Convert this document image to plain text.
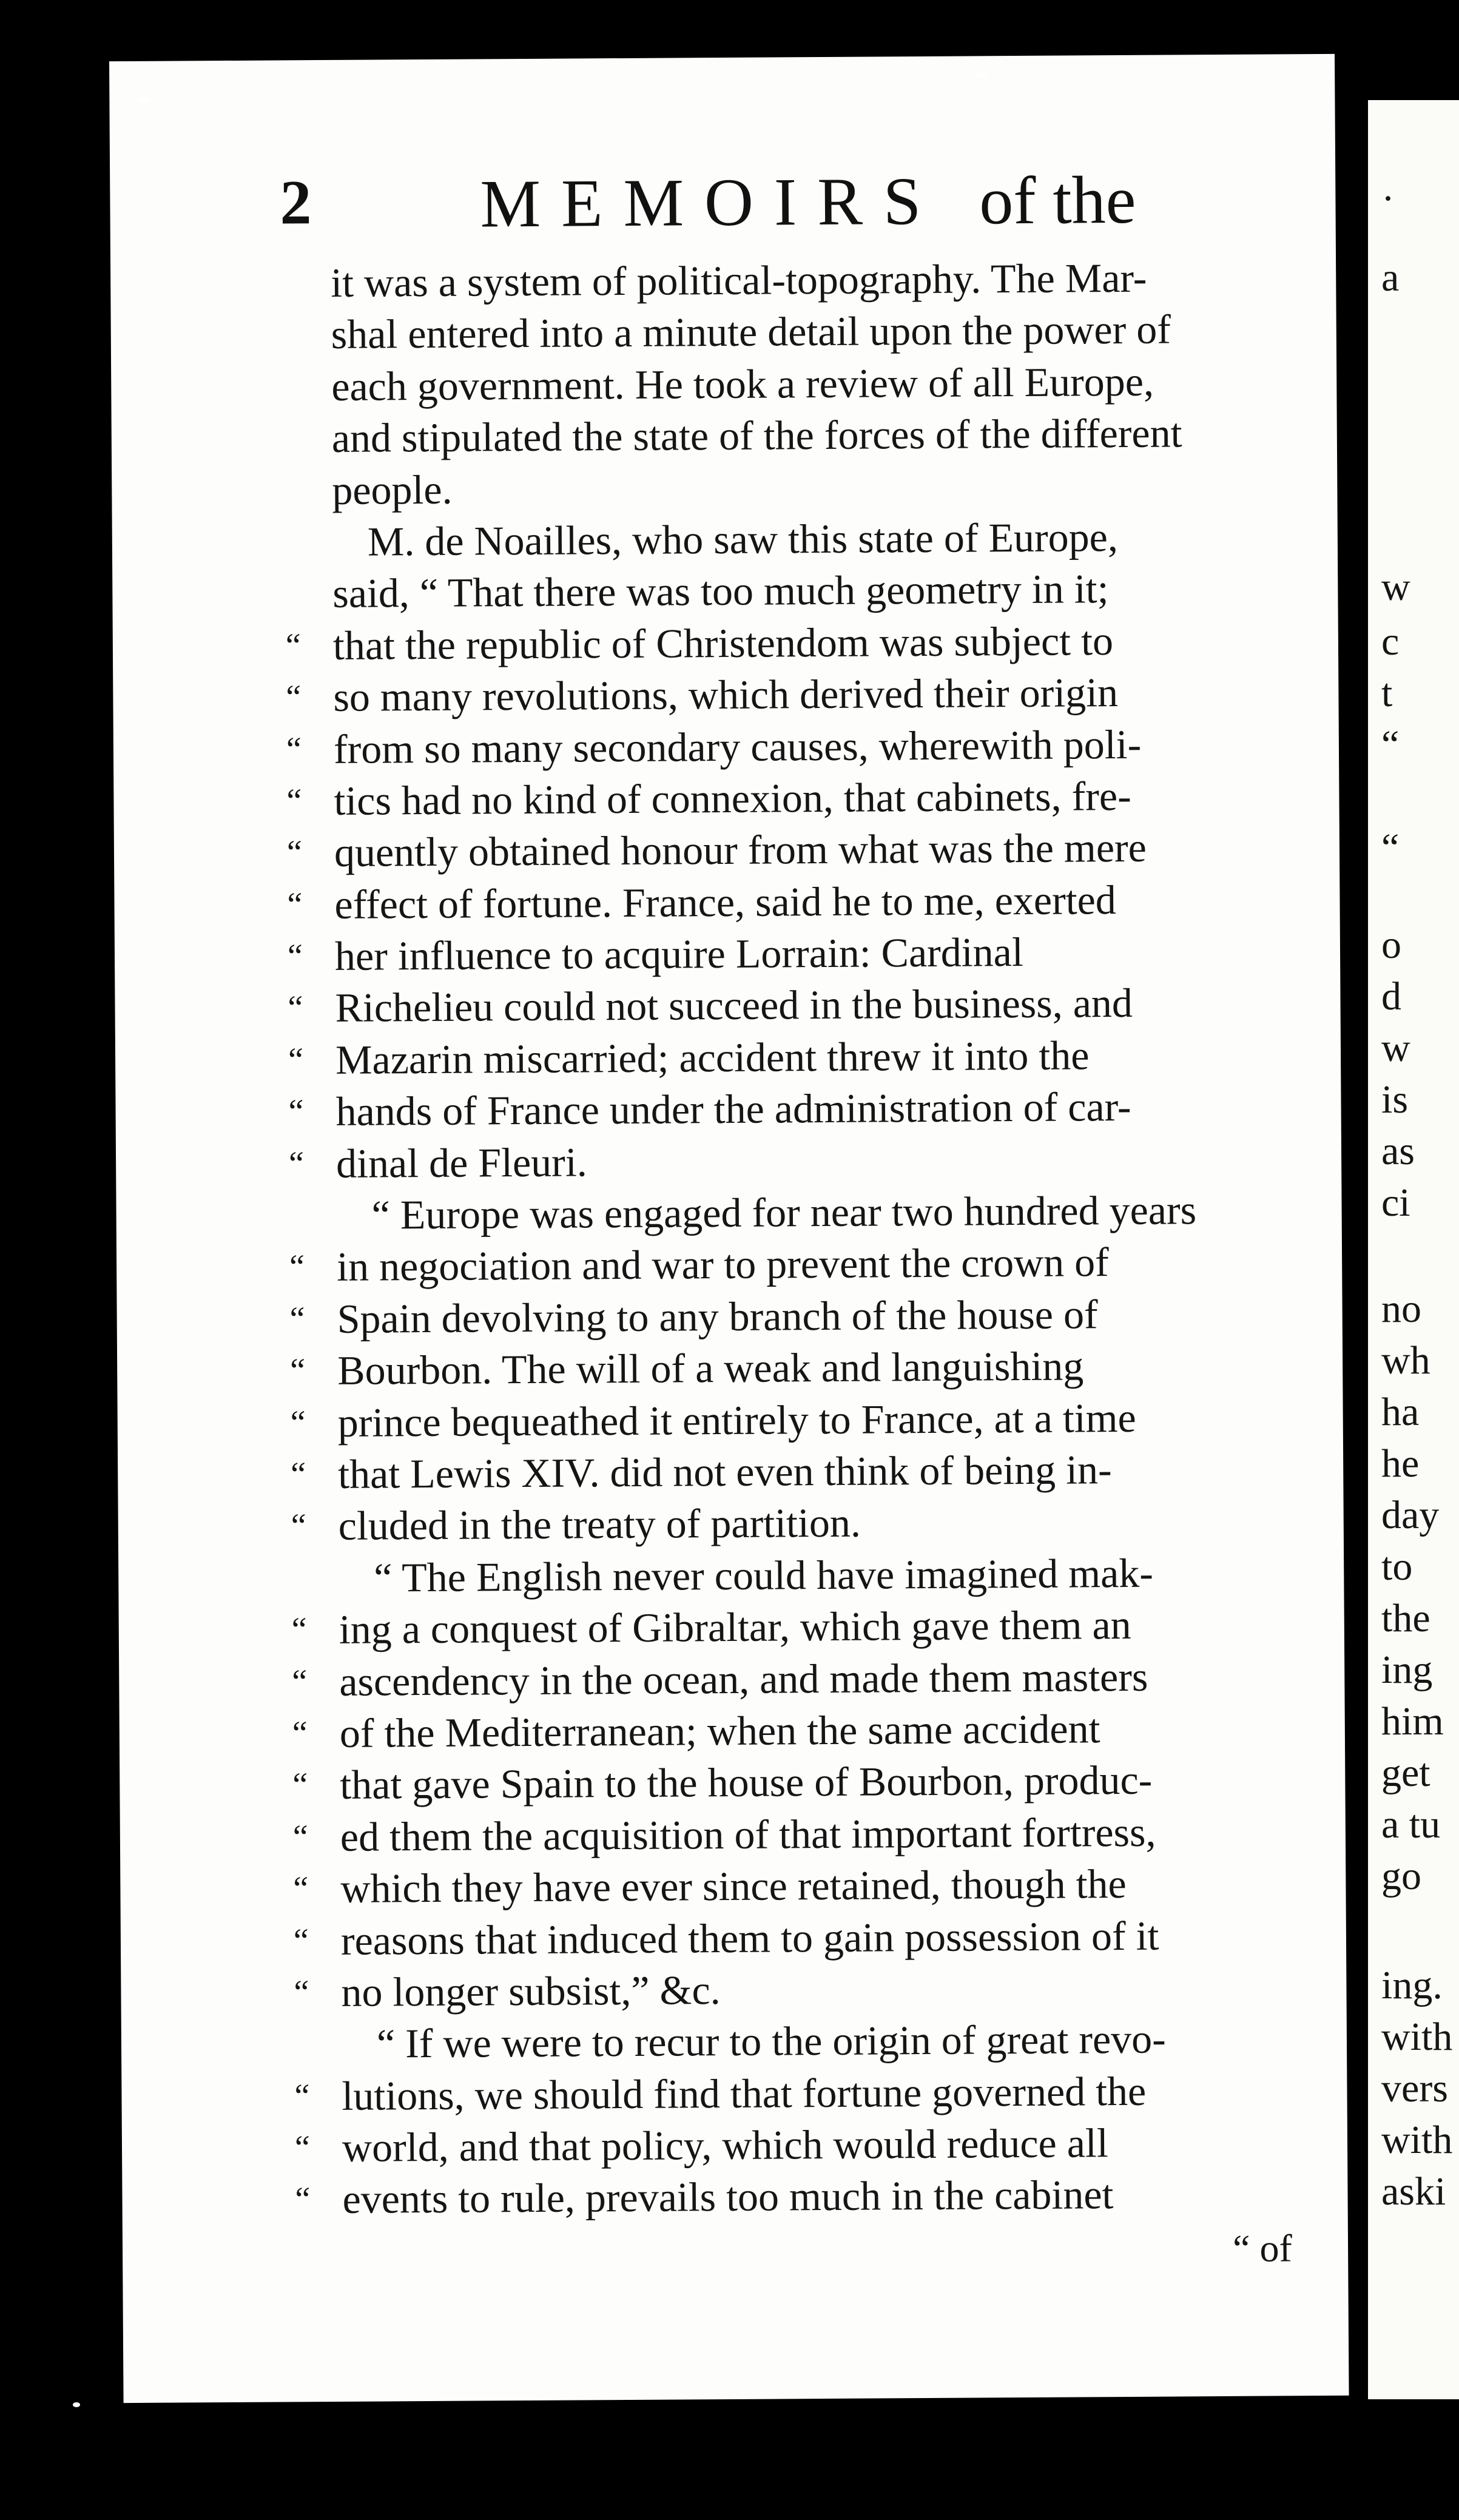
2 MEMOIRS of the
it was a system of political-topography. The Mar-
shal entered into a minute detail upon the power of
each government. He took a review of all Europe,
and stipulated the state of the forces of the different
people.
M. de Noailles, who saw this state of Europe,
said, “ That there was too much geometry in it;
“ that the republic of Christendom was subject to
“ so many revolutions, which derived their origin
“ from so many secondary causes, wherewith poli-
“ tics had no kind of connexion, that cabinets, fre-
“ quently obtained honour from what was the mere
“ effect of fortune. France, said he to me, exerted
“ her influence to acquire Lorrain: Cardinal
“ Richelieu could not succeed in the business, and
“ Mazarin miscarried; accident threw it into the
“ hands of France under the administration of car-
“ dinal de Fleuri.
“ Europe was engaged for near two hundred years
“ in negociation and war to prevent the crown of
“ Spain devolving to any branch of the house of
“ Bourbon. The will of a weak and languishing
“ prince bequeathed it entirely to France, at a time
“ that Lewis XIV. did not even think of being in-
“ cluded in the treaty of partition.
“ The English never could have imagined mak-
“ ing a conquest of Gibraltar, which gave them an
“ ascendency in the ocean, and made them masters
“ of the Mediterranean; when the same accident
“ that gave Spain to the house of Bourbon, produc-
“ ed them the acquisition of that important fortress,
“ which they have ever since retained, though the
“ reasons that induced them to gain possession of it
“ no longer subsist,” &c.
“ If we were to recur to the origin of great revo-
“ lutions, we should find that fortune governed the
“ world, and that policy, which would reduce all
“ events to rule, prevails too much in the cabinet
“ of
·
a
w
c
t
“
“
o
d
w
is
as
ci
no
wh
ha
he
day
to
the
ing
him
get
a tu
go
ing.
with
vers
with
aski
